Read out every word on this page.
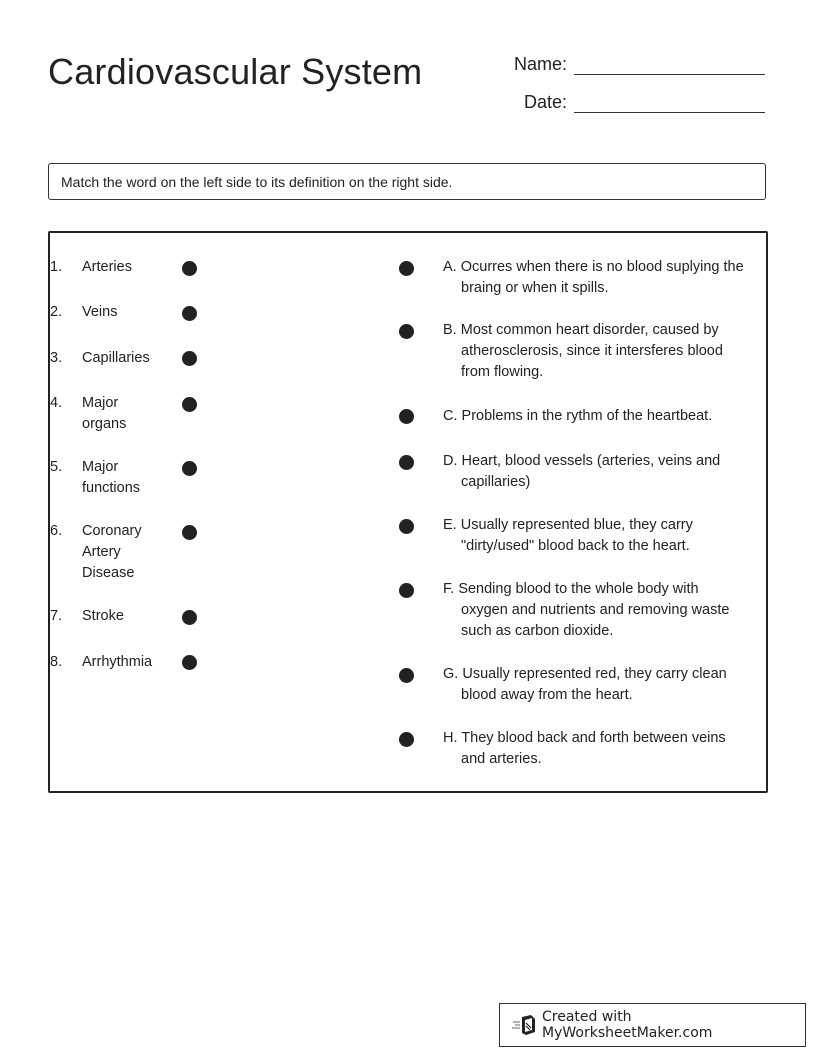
Cardiovascular System	Name:
Date:
Match the word on the left side to its definition on the right side.
1. Arteries
2. Veins
3. Capillaries
4. Major organs
5. Major functions
6. Coronary Artery Disease
7. Stroke
8. Arrhythmia
A. Ocurres when there is no blood suplying the braing or when it spills.
B. Most common heart disorder, caused by atherosclerosis, since it intersferes blood from flowing.
C. Problems in the rythm of the heartbeat.
D. Heart, blood vessels (arteries, veins and capillaries)
E. Usually represented blue, they carry "dirty/used" blood back to the heart.
F. Sending blood to the whole body with oxygen and nutrients and removing waste such as carbon dioxide.
G. Usually represented red, they carry clean blood away from the heart.
H. They blood back and forth between veins and arteries.
Created with MyWorksheetMaker.com
